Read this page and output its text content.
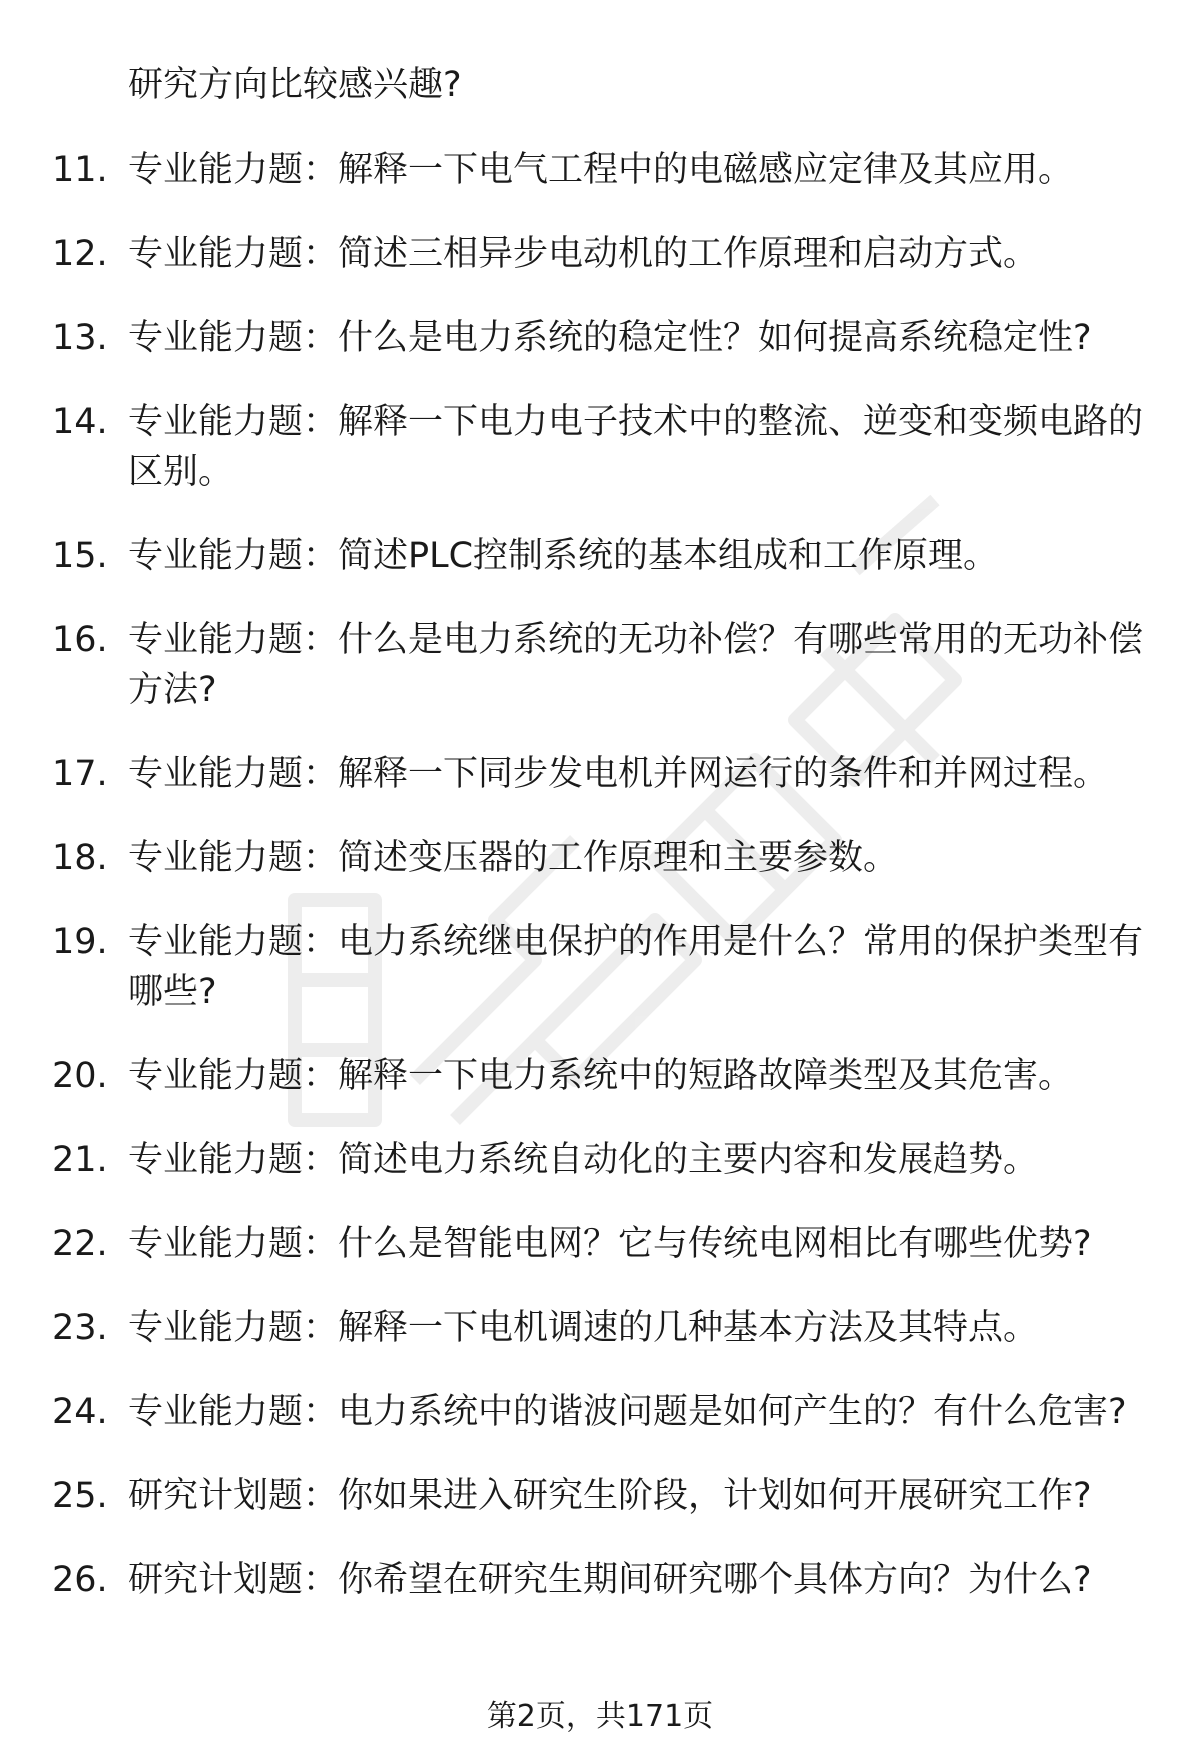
研究方向比较感兴趣?
11. 专业能力题：解释一下电气工程中的电磁感应定律及其应用。
12. 专业能力题：简述三相异步电动机的工作原理和启动方式。
13. 专业能力题：什么是电力系统的稳定性？如何提高系统稳定性?
14. 专业能力题：解释一下电力电子技术中的整流、逆变和变频电路的区别。
15. 专业能力题：简述PLC控制系统的基本组成和工作原理。
16. 专业能力题：什么是电力系统的无功补偿？有哪些常用的无功补偿方法?
17. 专业能力题：解释一下同步发电机并网运行的条件和并网过程。
18. 专业能力题：简述变压器的工作原理和主要参数。
19. 专业能力题：电力系统继电保护的作用是什么？常用的保护类型有哪些?
20. 专业能力题：解释一下电力系统中的短路故障类型及其危害。
21. 专业能力题：简述电力系统自动化的主要内容和发展趋势。
22. 专业能力题：什么是智能电网？它与传统电网相比有哪些优势?
23. 专业能力题：解释一下电机调速的几种基本方法及其特点。
24. 专业能力题：电力系统中的谐波问题是如何产生的？有什么危害?
25. 研究计划题：你如果进入研究生阶段，计划如何开展研究工作?
26. 研究计划题：你希望在研究生期间研究哪个具体方向？为什么?
第2页，共171页
